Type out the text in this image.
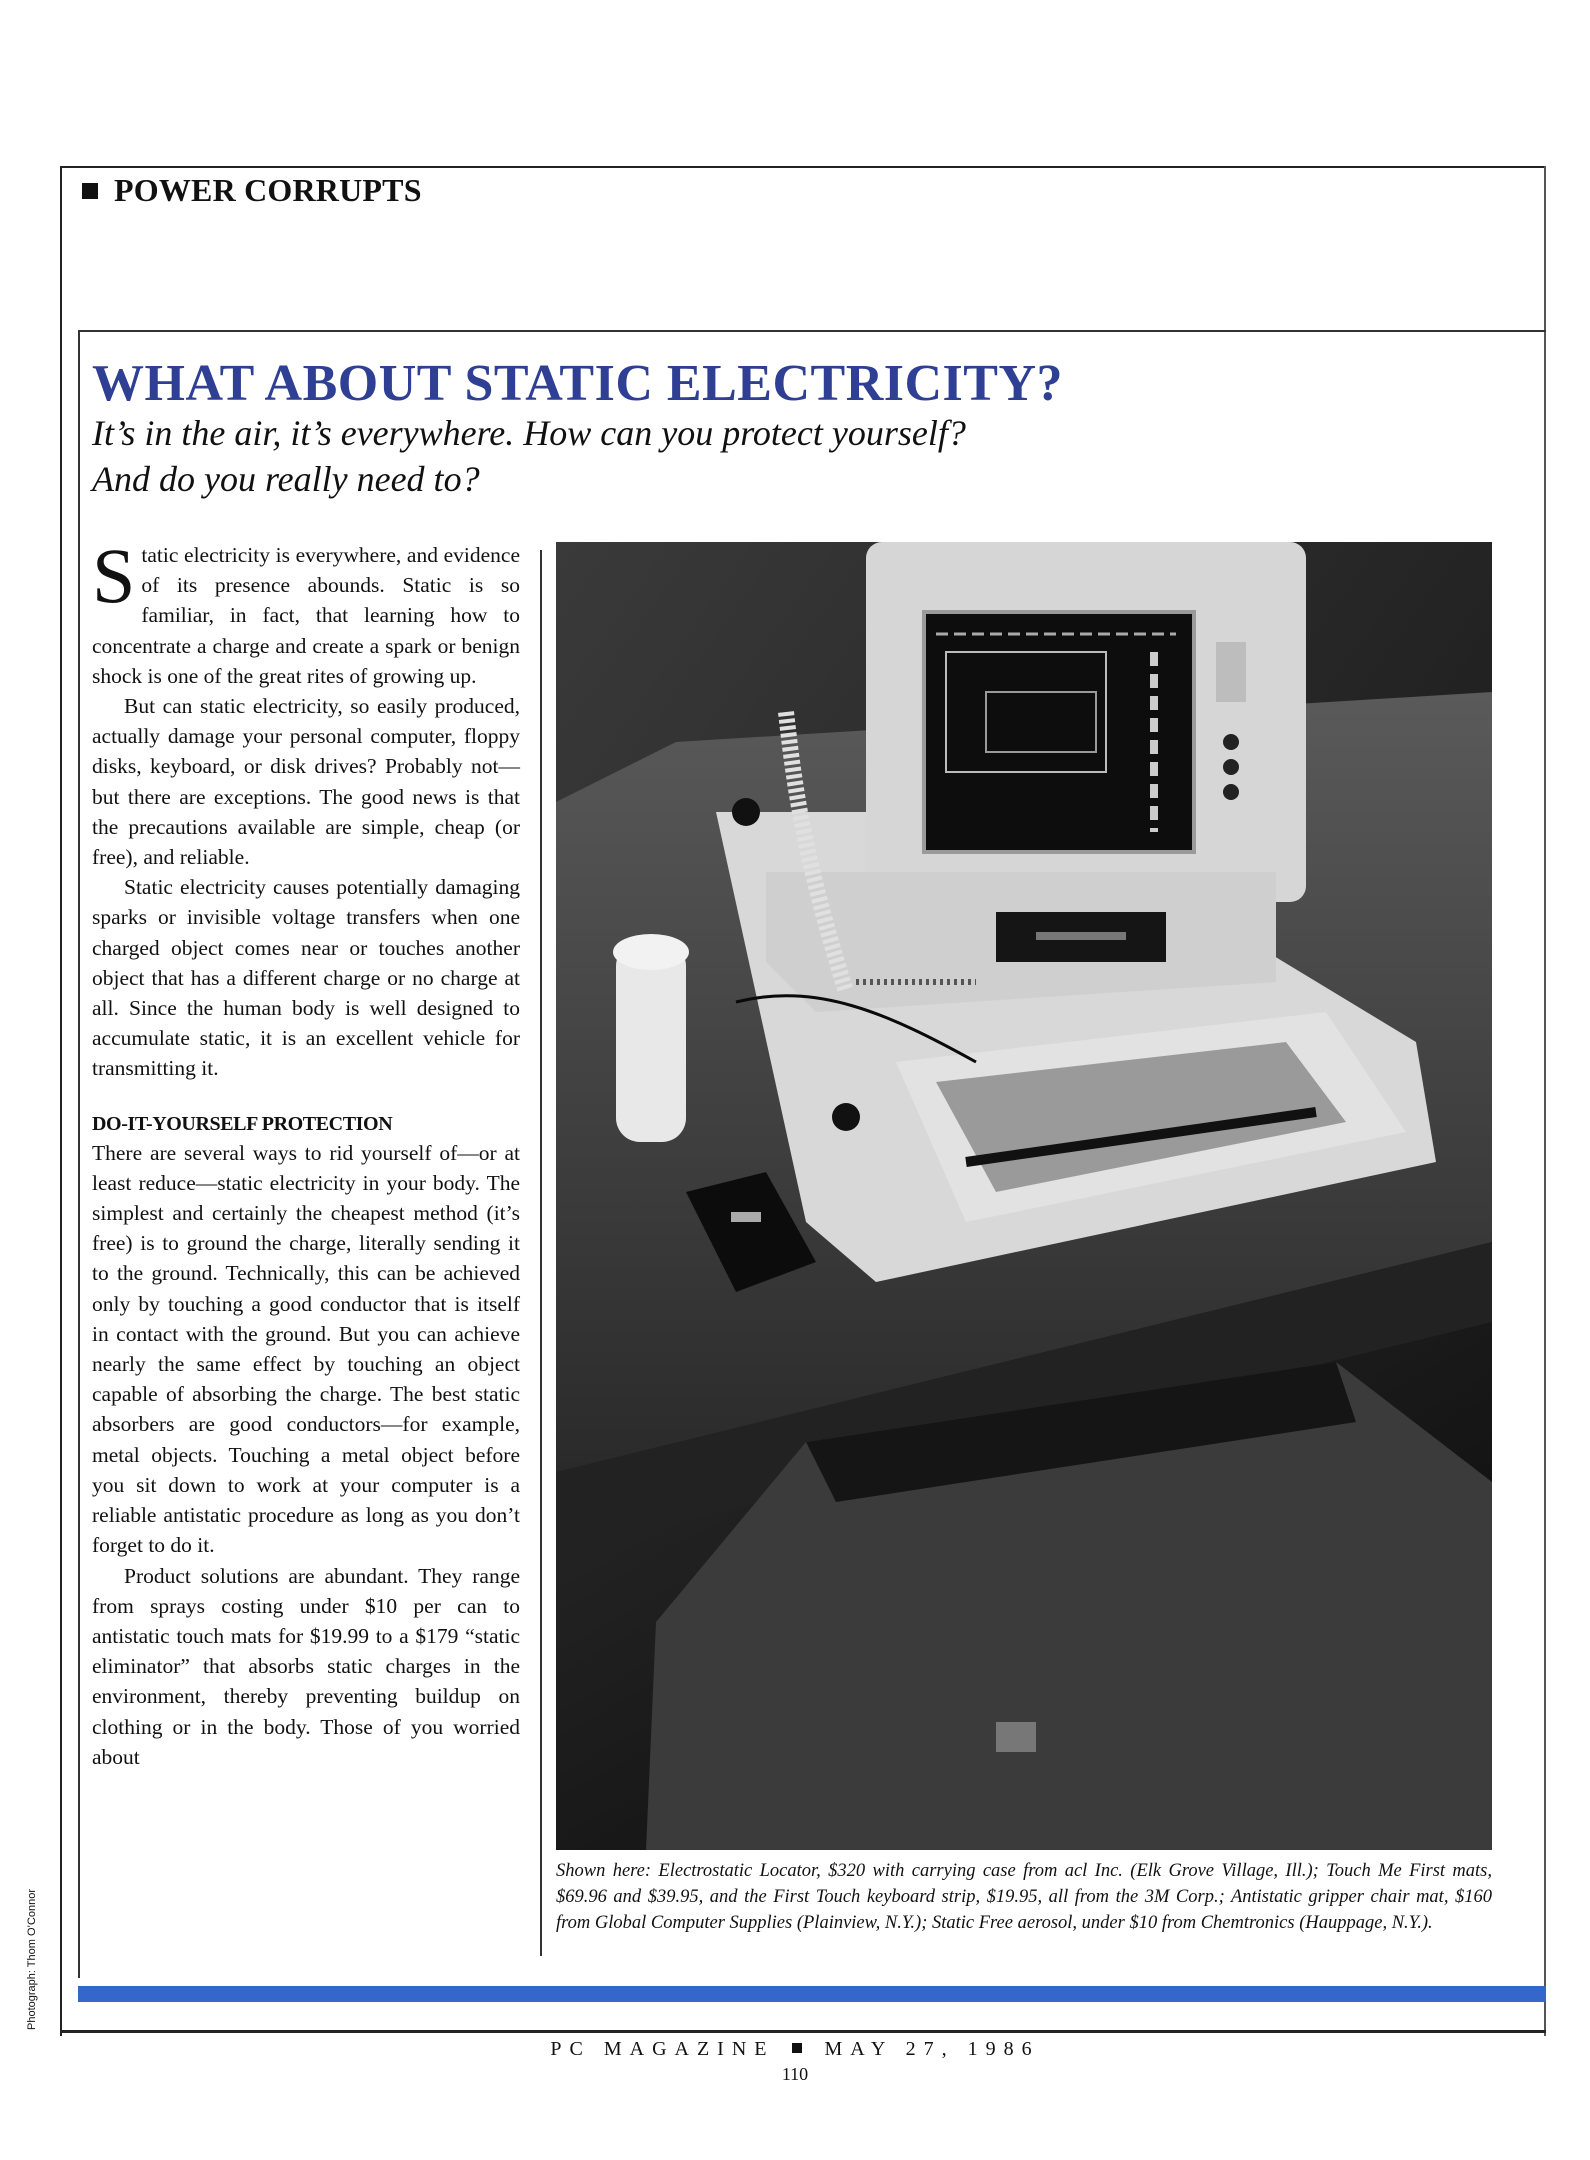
POWER CORRUPTS
WHAT ABOUT STATIC ELECTRICITY?
It’s in the air, it’s everywhere. How can you protect yourself?
And do you really need to?

Static electricity is everywhere, and evidence of its presence abounds. Static is so familiar, in fact, that learning how to concentrate a charge and create a spark or benign shock is one of the great rites of growing up.

But can static electricity, so easily produced, actually damage your personal computer, floppy disks, keyboard, or disk drives? Probably not—but there are exceptions. The good news is that the precautions available are simple, cheap (or free), and reliable.

Static electricity causes potentially damaging sparks or invisible voltage transfers when one charged object comes near or touches another object that has a different charge or no charge at all. Since the human body is well designed to accumulate static, it is an excellent vehicle for transmitting it.

DO-IT-YOURSELF PROTECTION

There are several ways to rid yourself of—or at least reduce—static electricity in your body. The simplest and certainly the cheapest method (it’s free) is to ground the charge, literally sending it to the ground. Technically, this can be achieved only by touching a good conductor that is itself in contact with the ground. But you can achieve nearly the same effect by touching an object capable of absorbing the charge. The best static absorbers are good conductors—for example, metal objects. Touching a metal object before you sit down to work at your computer is a reliable antistatic procedure as long as you don’t forget to do it.

Product solutions are abundant. They range from sprays costing under $10 per can to antistatic touch mats for $19.99 to a $179 “static eliminator” that absorbs static charges in the environment, thereby preventing buildup on clothing or in the body. Those of you worried about

Shown here: Electrostatic Locator, $320 with carrying case from acl Inc. (Elk Grove Village, Ill.); Touch Me First mats, $69.96 and $39.95, and the First Touch keyboard strip, $19.95, all from the 3M Corp.; Antistatic gripper chair mat, $160 from Global Computer Supplies (Plainview, N.Y.); Static Free aerosol, under $10 from Chemtronics (Hauppage, N.Y.).
Photograph: Thom O’Connor
PC MAGAZINE	MAY 27, 1986
110
